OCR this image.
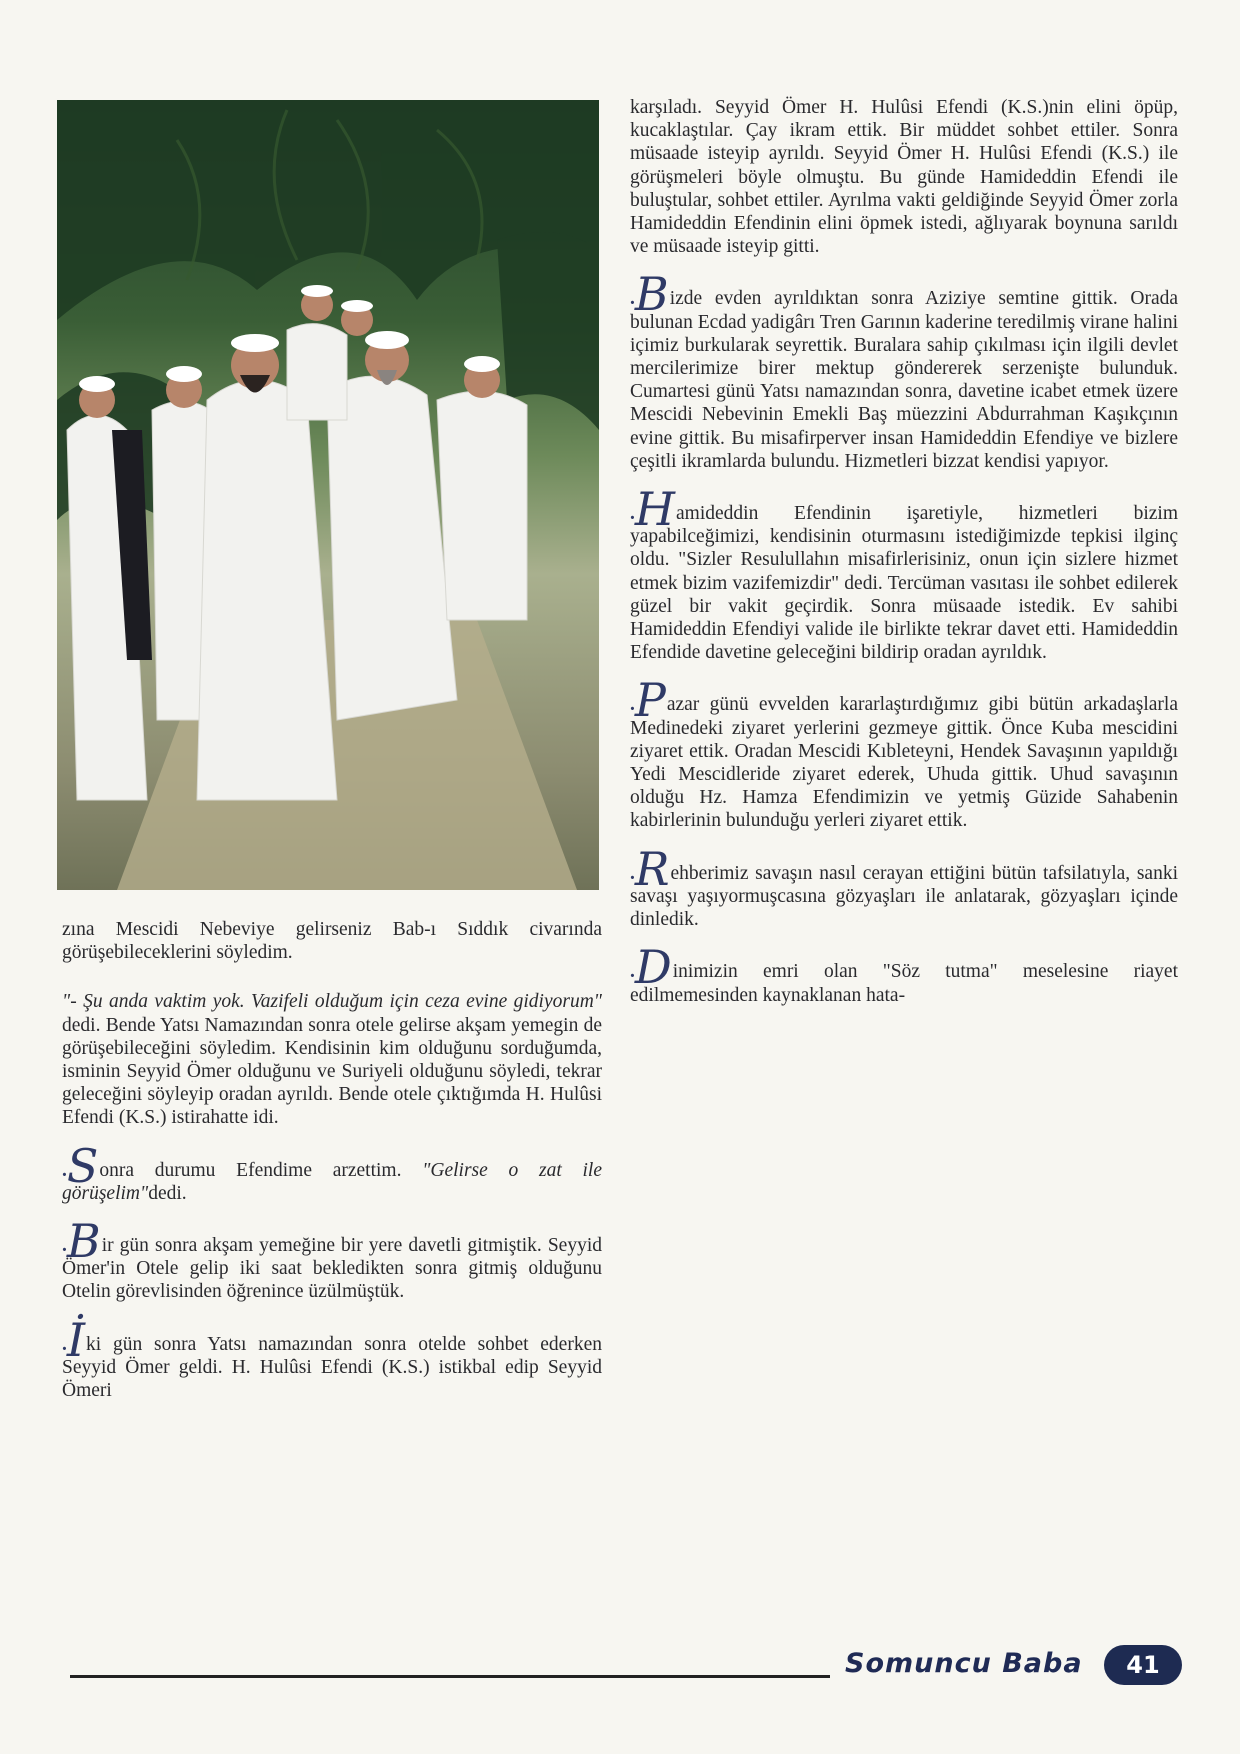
zına Mescidi Nebeviye gelirseniz Bab-ı Sıddık civarında görüşebileceklerini söyledim.

"- Şu anda vaktim yok. Vazifeli olduğum için ceza evine gidiyorum" dedi. Bende Yatsı Namazından sonra otele gelirse akşam yemegin de görüşebileceğini söyledim. Kendisinin kim olduğunu sorduğumda, isminin Seyyid Ömer olduğunu ve Suriyeli olduğunu söyledi, tekrar geleceğini söyleyip oradan ayrıldı. Bende otele çıktığımda H. Hulûsi Efendi (K.S.) istirahatte idi.

.Sonra durumu Efendime arzettim. "Gelirse o zat ile görüşelim"dedi.

.Bir gün sonra akşam yemeğine bir yere davetli gitmiştik. Seyyid Ömer'in Otele gelip iki saat bekledikten sonra gitmiş olduğunu Otelin görevlisinden öğrenince üzülmüştük.

.İki gün sonra Yatsı namazından sonra otelde sohbet ederken Seyyid Ömer geldi. H. Hulûsi Efendi (K.S.) istikbal edip Seyyid Ömeri

karşıladı. Seyyid Ömer H. Hulûsi Efendi (K.S.)nin elini öpüp, kucaklaştılar. Çay ikram ettik. Bir müddet sohbet ettiler. Sonra müsaade isteyip ayrıldı. Seyyid Ömer H. Hulûsi Efendi (K.S.) ile görüşmeleri böyle olmuştu. Bu günde Hamideddin Efendi ile buluştular, sohbet ettiler. Ayrılma vakti geldiğinde Seyyid Ömer zorla Hamideddin Efendinin elini öpmek istedi, ağlıyarak boynuna sarıldı ve müsaade isteyip gitti.

.Bizde evden ayrıldıktan sonra Aziziye semtine gittik. Orada bulunan Ecdad yadigârı Tren Garının kaderine teredilmiş virane halini içimiz burkularak seyrettik. Buralara sahip çıkılması için ilgili devlet mercilerimize birer mektup göndererek serzenişte bulunduk. Cumartesi günü Yatsı namazından sonra, davetine icabet etmek üzere Mescidi Nebevinin Emekli Baş müezzini Abdurrahman Kaşıkçının evine gittik. Bu misafirperver insan Hamideddin Efendiye ve bizlere çeşitli ikramlarda bulundu. Hizmetleri bizzat kendisi yapıyor.

.Hamideddin Efendinin işaretiyle, hizmetleri bizim yapabilceğimizi, kendisinin oturmasını istediğimizde tepkisi ilginç oldu. "Sizler Resulullahın misafirlerisiniz, onun için sizlere hizmet etmek bizim vazifemizdir" dedi. Tercüman vasıtası ile sohbet edilerek güzel bir vakit geçirdik. Sonra müsaade istedik. Ev sahibi Hamideddin Efendiyi valide ile birlikte tekrar davet etti. Hamideddin Efendide davetine geleceğini bildirip oradan ayrıldık.

.Pazar günü evvelden kararlaştırdığımız gibi bütün arkadaşlarla Medinedeki ziyaret yerlerini gezmeye gittik. Önce Kuba mescidini ziyaret ettik. Oradan Mescidi Kıbleteyni, Hendek Savaşının yapıldığı Yedi Mescidleride ziyaret ederek, Uhuda gittik. Uhud savaşının olduğu Hz. Hamza Efendimizin ve yetmiş Güzide Sahabenin kabirlerinin bulunduğu yerleri ziyaret ettik.

.Rehberimiz savaşın nasıl cerayan ettiğini bütün tafsilatıyla, sanki savaşı yaşıyormuşcasına gözyaşları ile anlatarak, gözyaşları içinde dinledik.

.Dinimizin emri olan "Söz tutma" meselesine riayet edilmemesinden kaynaklanan hata-

Somuncu Baba	41
